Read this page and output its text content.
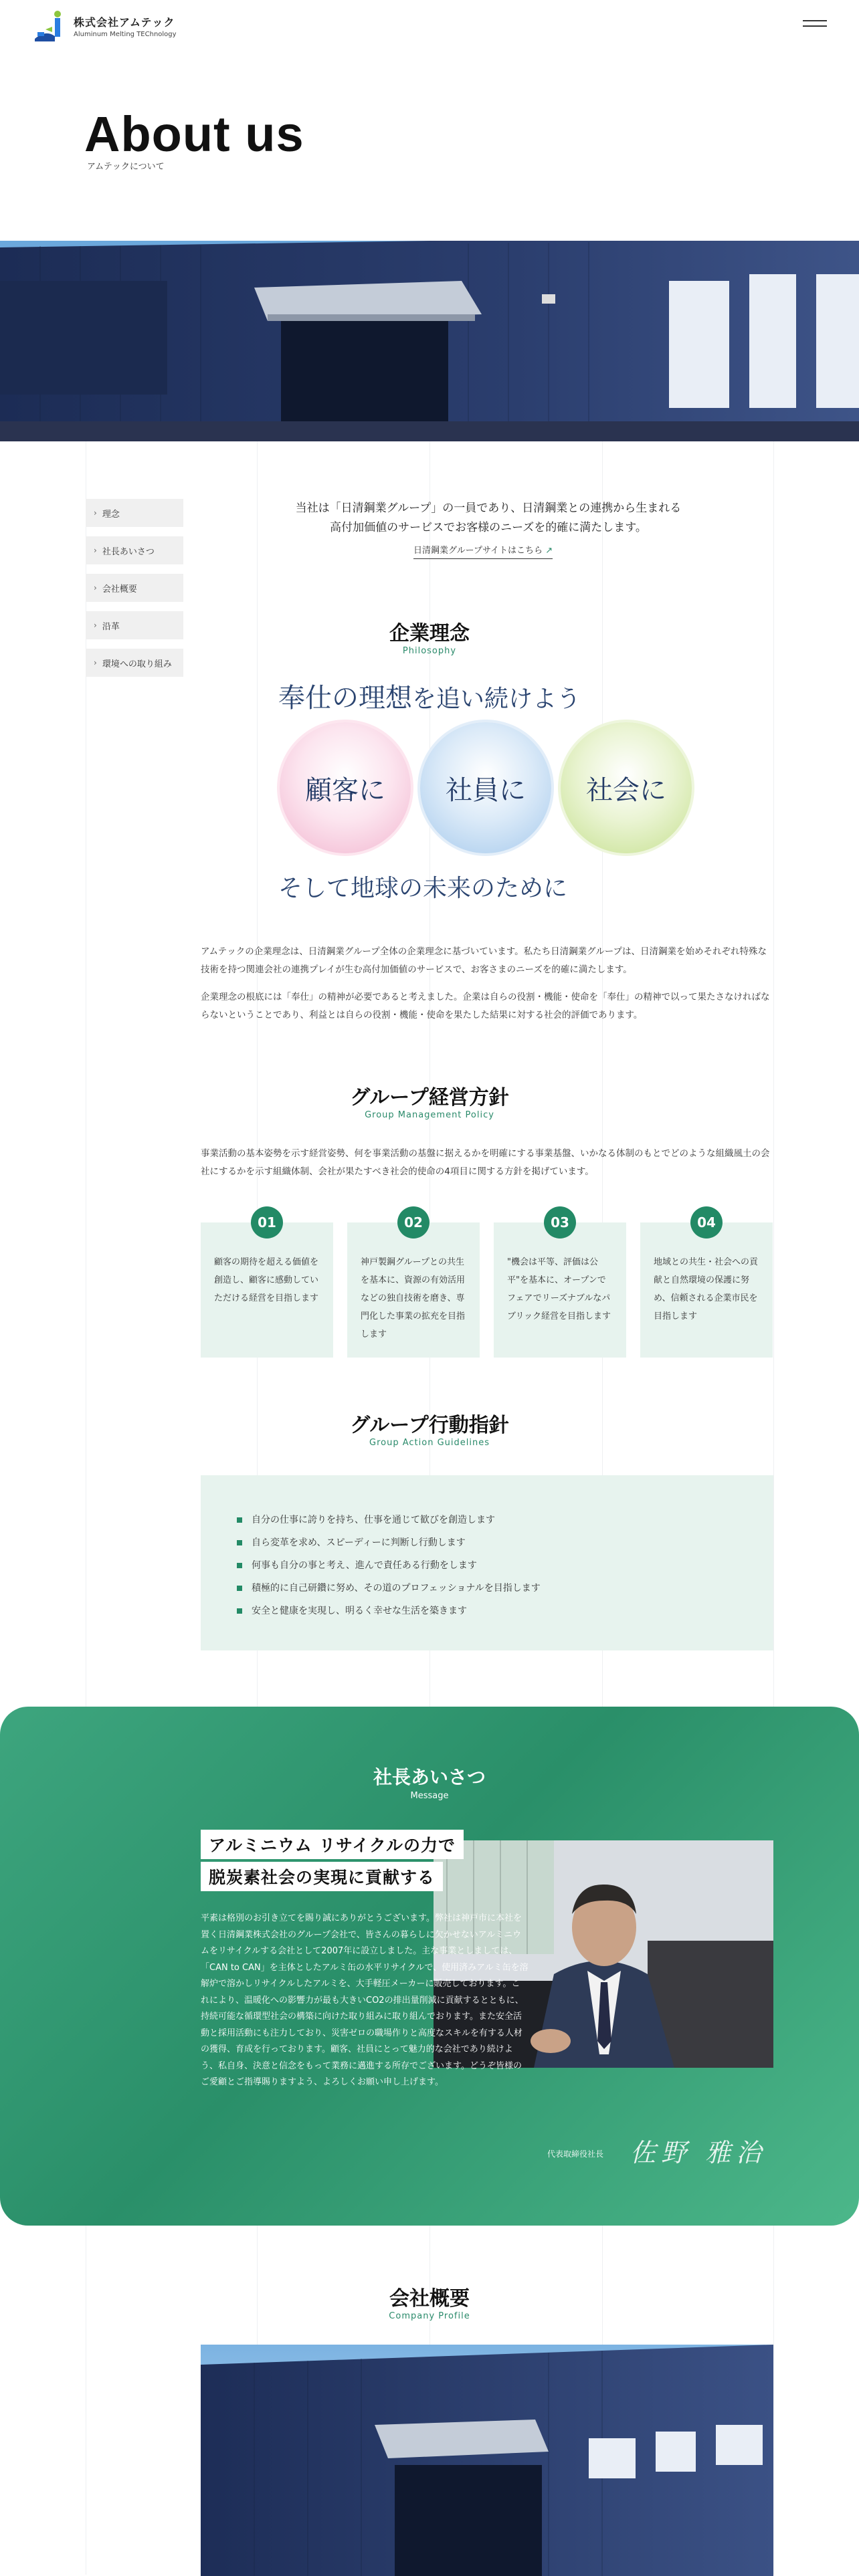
株式会社アムテック
Aluminum Melting TEChnology
About us
アムテックについて
› 理念
› 社長あいさつ
› 会社概要
› 沿革
› 環境への取り組み

当社は「日清鋼業グループ」の一員であり、日清鋼業との連携から生まれる

高付加価値のサービスでお客様のニーズを的確に満たします。

日清鋼業グループサイトはこちら ↗
企業理念
Philosophy
奉仕の理想を追い続けよう
顧客に	社員に	社会に
そして地球の未来のために
アムテックの企業理念は、日清鋼業グループ全体の企業理念に基づいています。私たち日清鋼業グループは、日清鋼業を始めそれぞれ特殊な技術を持つ関連会社の連携プレイが生む高付加価値のサービスで、お客さまのニーズを的確に満たします。
企業理念の根底には「奉仕」の精神が必要であると考えました。企業は自らの役割・機能・使命を「奉仕」の精神で以って果たさなければならないということであり、利益とは自らの役割・機能・使命を果たした結果に対する社会的評価であります。
グループ経営方針
Group Management Policy
事業活動の基本姿勢を示す経営姿勢、何を事業活動の基盤に据えるかを明確にする事業基盤、いかなる体制のもとでどのような組織風土の会社にするかを示す組織体制、会社が果たすべき社会的使命の4項目に関する方針を掲げています。
01
顧客の期待を超える価値を創造し、顧客に感動していただける経営を目指します
02
神戸製鋼グループとの共生を基本に、資源の有効活用などの独自技術を磨き、専門化した事業の拡充を目指します
03
"機会は平等、評価は公平"を基本に、オープンでフェアでリーズナブルなパブリック経営を目指します
04
地域との共生・社会への貢献と自然環境の保護に努め、信頼される企業市民を目指します
グループ行動指針
Group Action Guidelines
自分の仕事に誇りを持ち、仕事を通じて歓びを創造します
自ら変革を求め、スピーディーに判断し行動します
何事も自分の事と考え、進んで責任ある行動をします
積極的に自己研鑽に努め、その道のプロフェッショナルを目指します
安全と健康を実現し、明るく幸せな生活を築きます
社長あいさつ
Message
アルミニウム リサイクルの力で
脱炭素社会の実現に貢献する
平素は格別のお引き立てを賜り誠にありがとうございます。弊社は神戸市に本社を置く日清鋼業株式会社のグループ会社で、皆さんの暮らしに欠かせないアルミニウムをリサイクルする会社として2007年に設立しました。主な事業としましては、「CAN to CAN」を主体としたアルミ缶の水平リサイクルで、使用済みアルミ缶を溶解炉で溶かしリサイクルしたアルミを、大手軽圧メーカーに販売しております。これにより、温暖化への影響力が最も大きいCO2の排出量削減に貢献するとともに、持続可能な循環型社会の構築に向けた取り組みに取り組んでおります。また安全活動と採用活動にも注力しており、災害ゼロの職場作りと高度なスキルを有する人材の獲得、育成を行っております。顧客、社員にとって魅力的な会社であり続けよう、私自身、決意と信念をもって業務に邁進する所存でございます。どうぞ皆様のご愛顧とご指導賜りますよう、よろしくお願い申し上げます。
代表取締役社長 佐野 雅治
会社概要
Company Profile
